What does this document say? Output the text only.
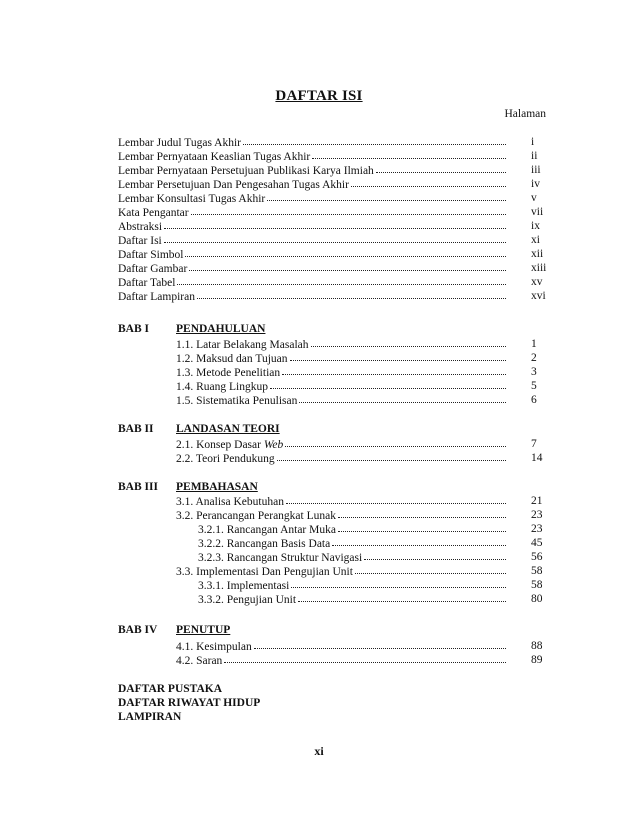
DAFTAR ISI
Halaman
Lembar Judul Tugas Akhir	i
Lembar Pernyataan Keaslian Tugas Akhir	ii
Lembar Pernyataan Persetujuan Publikasi Karya Ilmiah	iii
Lembar Persetujuan Dan Pengesahan Tugas Akhir	iv
Lembar Konsultasi Tugas Akhir	v
Kata Pengantar	vii
Abstraksi	ix
Daftar Isi	xi
Daftar Simbol	xii
Daftar Gambar	xiii
Daftar Tabel	xv
Daftar Lampiran	xvi
BAB I PENDAHULUAN
1.1. Latar Belakang Masalah	1
1.2. Maksud dan Tujuan	2
1.3. Metode Penelitian	3
1.4. Ruang Lingkup	5
1.5. Sistematika Penulisan	6
BAB II LANDASAN TEORI
2.1. Konsep Dasar Web	7
2.2. Teori Pendukung	14
BAB III PEMBAHASAN
3.1. Analisa Kebutuhan	21
3.2. Perancangan Perangkat Lunak	23
3.2.1. Rancangan Antar Muka	23
3.2.2. Rancangan Basis Data	45
3.2.3. Rancangan Struktur Navigasi	56
3.3. Implementasi Dan Pengujian Unit	58
3.3.1. Implementasi	58
3.3.2. Pengujian Unit	80
BAB IV PENUTUP
4.1. Kesimpulan	88
4.2. Saran	89
DAFTAR PUSTAKA
DAFTAR RIWAYAT HIDUP
LAMPIRAN
xi
